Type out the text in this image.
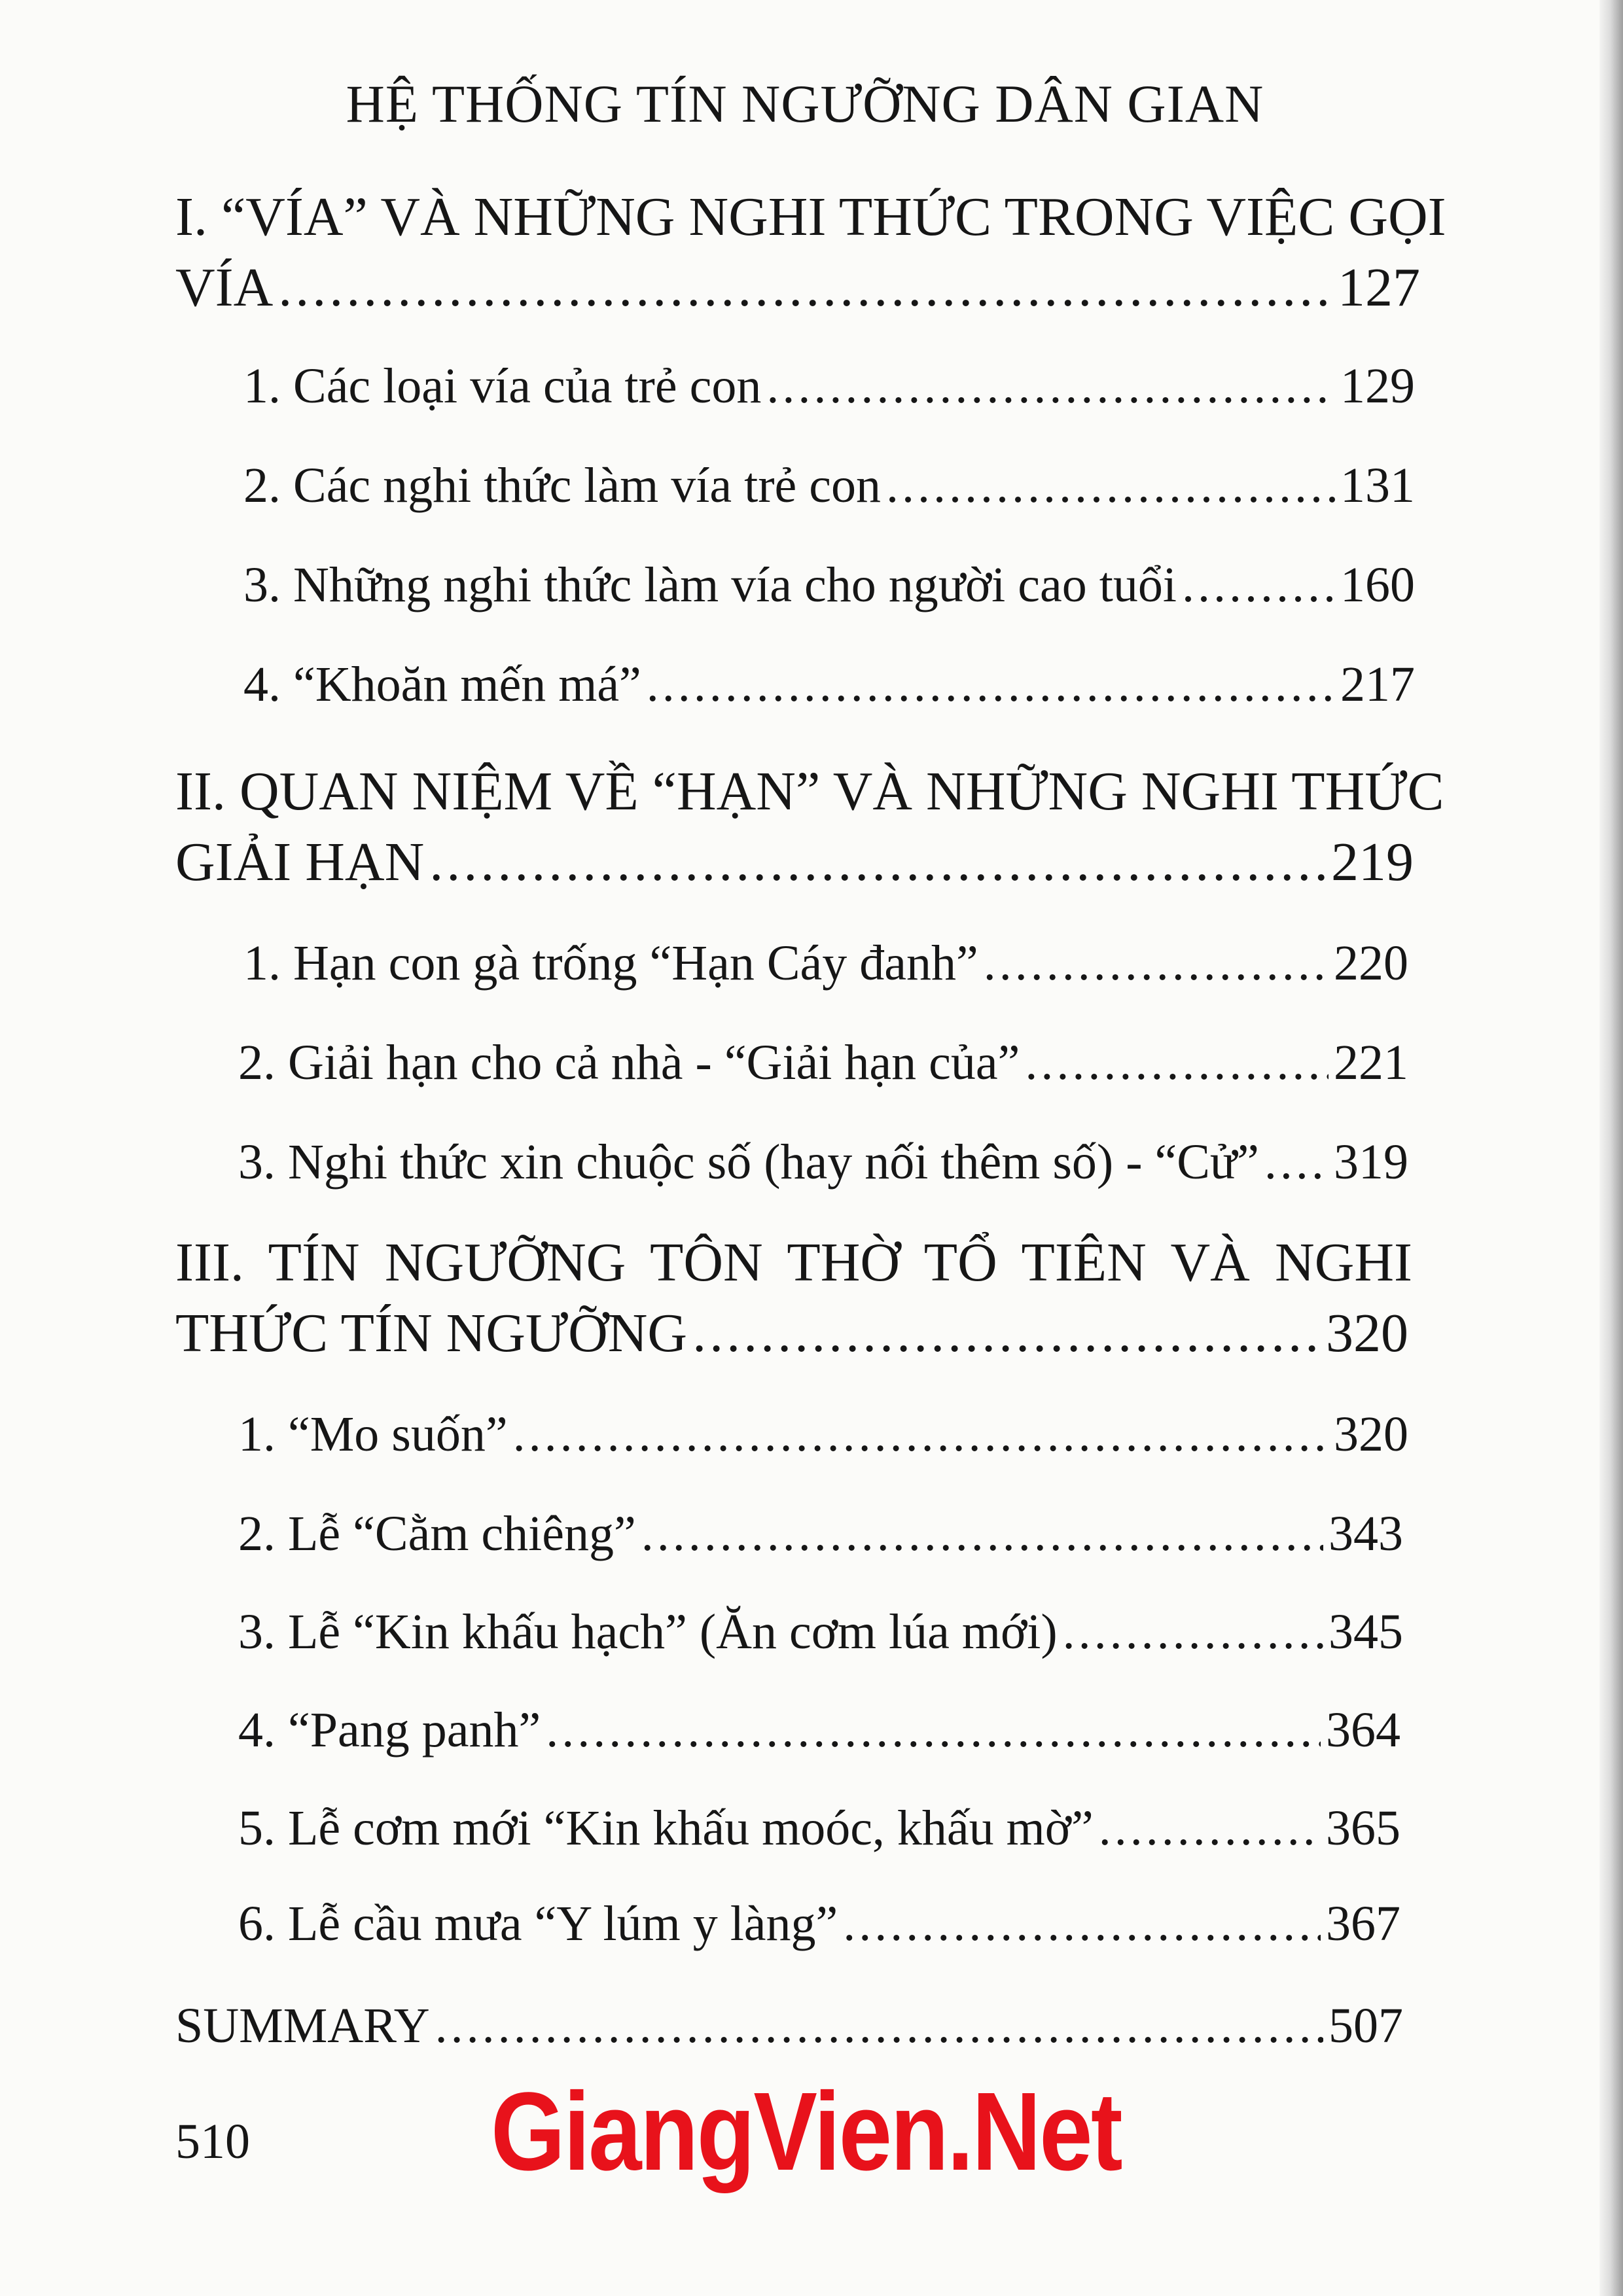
HỆ THỐNG TÍN NGƯỠNG DÂN GIAN
I. “VÍA” VÀ NHỮNG NGHI THỨC TRONG VIỆC GỌI
VÍA .....	127
1. Các loại vía của trẻ con .....	129
2. Các nghi thức làm vía trẻ con .....	131
3. Những nghi thức làm vía cho người cao tuổi .....	160
4. “Khoăn mến má” .....	217
II. QUAN NIỆM VỀ “HẠN” VÀ NHỮNG NGHI THỨC
GIẢI HẠN .....	219
1. Hạn con gà trống “Hạn Cáy đanh” .....	220
2. Giải hạn cho cả nhà - “Giải hạn của” .....	221
3. Nghi thức xin chuộc số (hay nối thêm số) - “Cử” ..... 319
III. TÍN NGƯỠNG TÔN THỜ TỔ TIÊN VÀ NGHI
THỨC TÍN NGƯỠNG .....	320
1. “Mo suốn” .....	320
2. Lễ “Cằm chiêng” .....	343
3. Lễ “Kin khấu hạch” (Ăn cơm lúa mới) .....	345
4. “Pang panh” .....	364
5. Lễ cơm mới “Kin khấu moóc, khấu mờ” .....	365
6. Lễ cầu mưa “Y lúm y làng” .....	367
SUMMARY .....	507
510 GiangVien.Net
